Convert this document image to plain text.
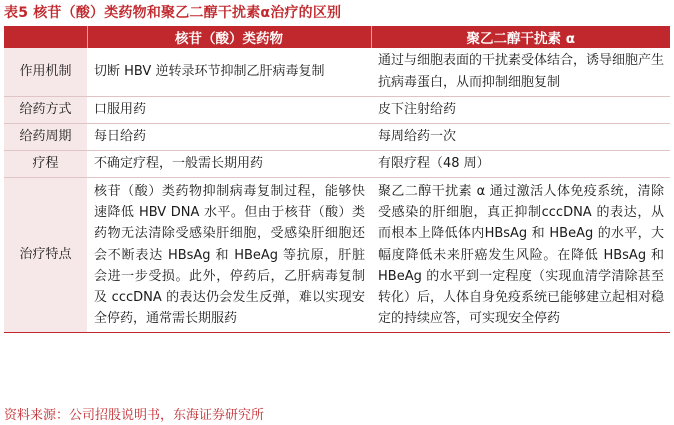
表5 核苷（酸）类药物和聚乙二醇干扰素α治疗的区别
	核苷（酸）类药物	聚乙二醇干扰素 α
作用机制	切断 HBV 逆转录环节抑制乙肝病毒复制	通过与细胞表面的干扰素受体结合，诱导细胞产生抗病毒蛋白，从而抑制细胞复制
给药方式	口服用药	皮下注射给药
给药周期	每日给药	每周给药一次
疗程	不确定疗程，一般需长期用药	有限疗程（48 周）
治疗特点	核苷（酸）类药物抑制病毒复制过程，能够快速降低 HBV DNA 水平。但由于核苷（酸）类药物无法清除受感染肝细胞，受感染肝细胞还会不断表达 HBsAg 和 HBeAg 等抗原，肝脏会进一步受损。此外，停药后，乙肝病毒复制及 cccDNA 的表达仍会发生反弹，难以实现安全停药，通常需长期服药	聚乙二醇干扰素 α 通过激活人体免疫系统，清除受感染的肝细胞，真正抑制cccDNA 的表达，从而根本上降低体内HBsAg 和 HBeAg 的水平，大幅度降低未来肝癌发生风险。在降低 HBsAg 和HBeAg 的水平到一定程度（实现血清学清除甚至转化）后，人体自身免疫系统已能够建立起相对稳定的持续应答，可实现安全停药
资料来源：公司招股说明书，东海证券研究所
